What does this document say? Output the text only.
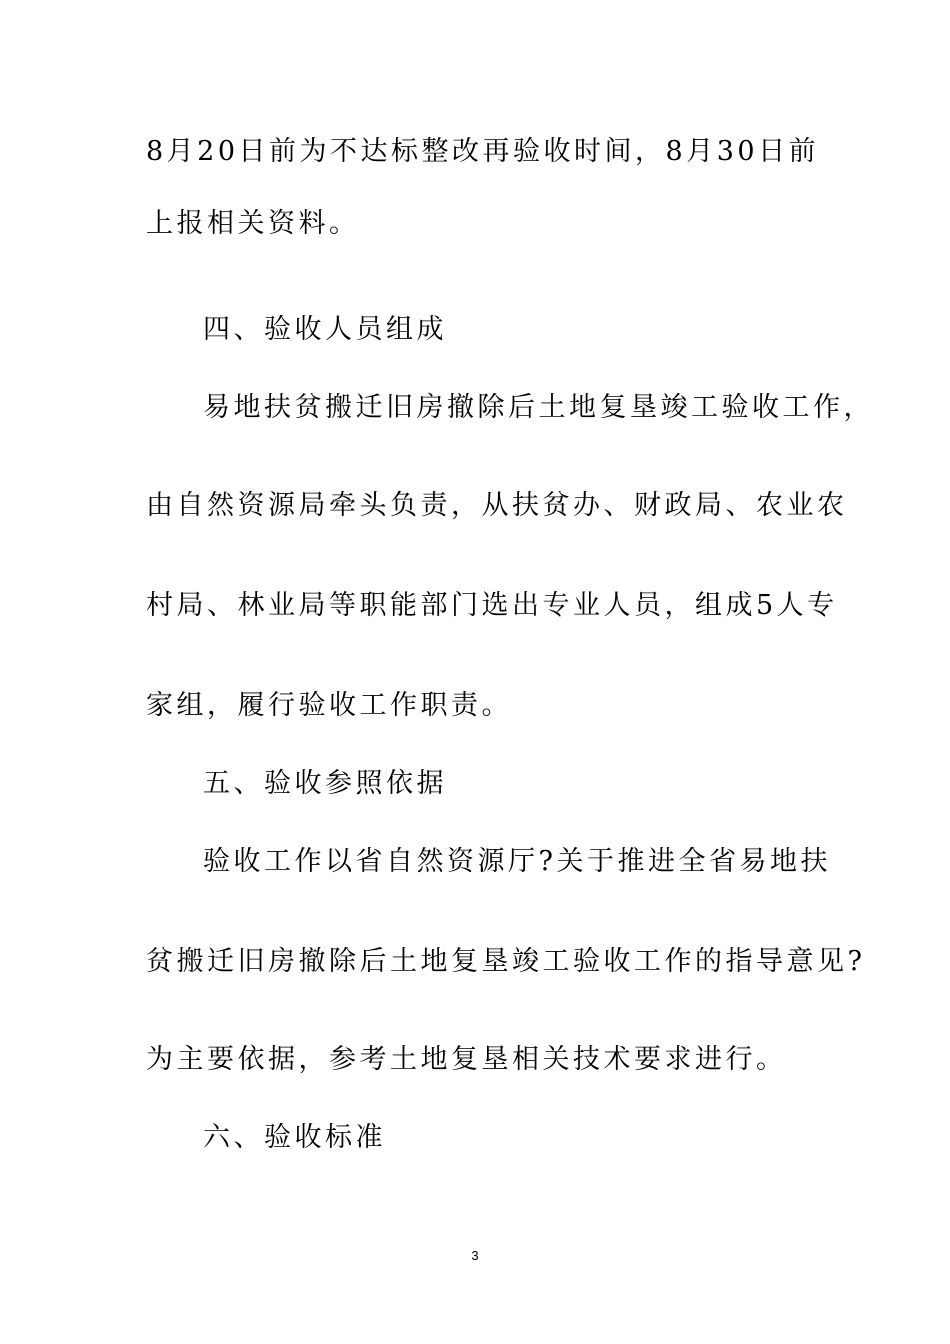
8月20日前为不达标整改再验收时间，8月30日前
上报相关资料。
四、验收人员组成
易地扶贫搬迁旧房撤除后土地复垦竣工验收工作，
由自然资源局牵头负责，从扶贫办、财政局、农业农
村局、林业局等职能部门选出专业人员，组成5人专
家组，履行验收工作职责。
五、验收参照依据
验收工作以省自然资源厅?关于推进全省易地扶
贫搬迁旧房撤除后土地复垦竣工验收工作的指导意见?
为主要依据，参考土地复垦相关技术要求进行。
六、验收标准
3
